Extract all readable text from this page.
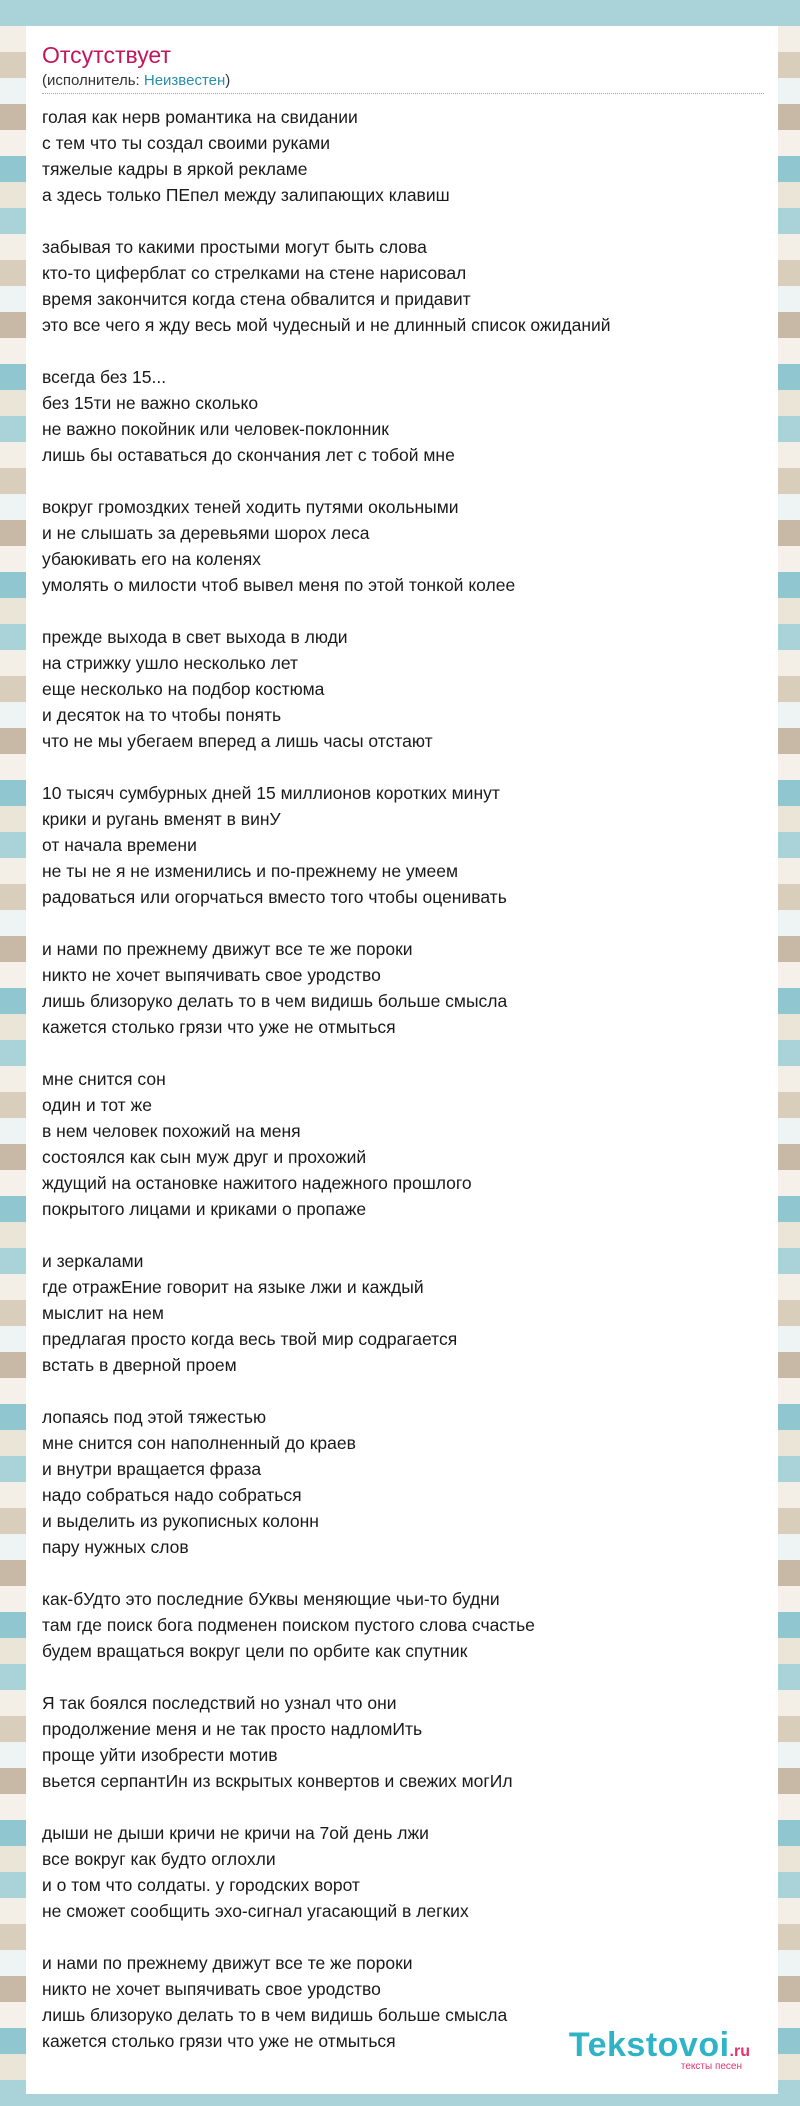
Отсутствует
(исполнитель: Неизвестен)
голая как нерв романтика на свидании
с тем что ты создал своими руками
тяжелые кадры в яркой рекламе
а здесь только ПЕпел между залипающих клавиш
забывая то какими простыми могут быть слова
кто-то циферблат со стрелками на стене нарисовал
время закончится когда стена обвалится и придавит
это все чего я жду весь мой чудесный и не длинный список ожиданий
всегда без 15...
без 15ти не важно сколько
не важно покойник или человек-поклонник
лишь бы оставаться до скончания лет с тобой мне
вокруг громоздких теней ходить путями окольными
и не слышать за деревьями шорох леса
убаюкивать его на коленях
умолять о милости чтоб вывел меня по этой тонкой колее
прежде выхода в свет выхода в люди
на стрижку ушло несколько лет
еще несколько на подбор костюма
и десяток на то чтобы понять
что не мы убегаем вперед а лишь часы отстают
10 тысяч сумбурных дней 15 миллионов коротких минут
крики и ругань вменят в винУ
от начала времени
не ты не я не изменились и по-прежнему не умеем
радоваться или огорчаться вместо того чтобы оценивать
и нами по прежнему движут все те же пороки
никто не хочет выпячивать свое уродство
лишь близоруко делать то в чем видишь больше смысла
кажется столько грязи что уже не отмыться
мне снится сон
один и тот же
в нем человек похожий на меня
состоялся как сын муж друг и прохожий
ждущий на остановке нажитого надежного прошлого
покрытого лицами и криками о пропаже
и зеркалами
где отражЕние говорит на языке лжи и каждый
мыслит на нем
предлагая просто когда весь твой мир содрагается
встать в дверной проем
лопаясь под этой тяжестью
мне снится сон наполненный до краев
и внутри вращается фраза
надо собраться надо собраться
и выделить из рукописных колонн
пару нужных слов
как-бУдто это последние бУквы меняющие чьи-то будни
там где поиск бога подменен поиском пустого слова счастье
будем вращаться вокруг цели по орбите как спутник
Я так боялся последствий но узнал что они
продолжение меня и не так просто надломИть
проще уйти изобрести мотив
вьется серпантИн из вскрытых конвертов и свежих могИл
дыши не дыши кричи не кричи на 7ой день лжи
все вокруг как будто оглохли
и о том что солдаты. у городских ворот
не сможет сообщить эхо-сигнал угасающий в легких
и нами по прежнему движут все те же пороки
никто не хочет выпячивать свое уродство
лишь близоруко делать то в чем видишь больше смысла
кажется столько грязи что уже не отмыться	Tekstovoi.ru
тексты песен
